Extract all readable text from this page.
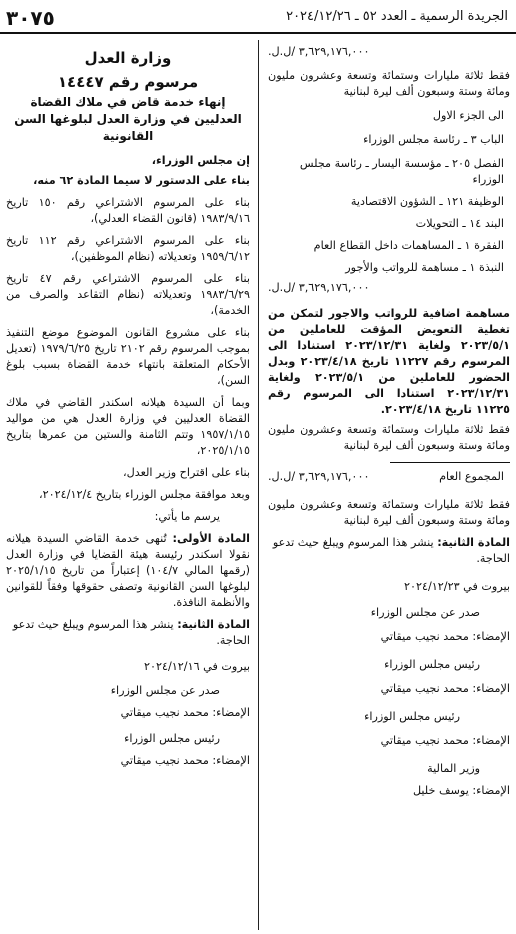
٣٠٧٥	الجريدة الرسمية ـ العدد ٥٢ ـ ٢٠٢٤/١٢/٢٦

٣,٦٢٩,١٧٦,٠٠٠ /ل.ل.

فقط ثلاثة مليارات وستمائة وتسعة وعشرون مليون ومائة وستة وسبعون ألف ليرة لبنانية

الى الجزء الاول

الباب ٣ ـ رئاسة مجلس الوزراء

الفصل ٢٠٥ ـ مؤسسة اليسار ـ رئاسة مجلس الوزراء

الوظيفة ١٢١ ـ الشؤون الاقتصادية

البند ١٤ ـ التحويلات

الفقرة ١ ـ المساهمات داخل القطاع العام

النبذة ١ ـ مساهمة للرواتب والأجور

٣,٦٢٩,١٧٦,٠٠٠ /ل.ل.

مساهمة اضافية للرواتب والاجور لتمكن من تغطية التعويض المؤقت للعاملين من ٢٠٢٣/٥/١ ولغاية ٢٠٢٣/١٢/٣١ استنادا الى المرسوم رقم ١١٢٢٧ تاريخ ٢٠٢٣/٤/١٨ وبدل الحضور للعاملين من ٢٠٢٣/٥/١ ولغاية ٢٠٢٣/١٢/٣١ استنادا الى المرسوم رقم ١١٢٢٥ تاريخ ٢٠٢٣/٤/١٨.

فقط ثلاثة مليارات وستمائة وتسعة وعشرون مليون ومائة وستة وسبعون ألف ليرة لبنانية

المجموع العام
٣,٦٢٩,١٧٦,٠٠٠ /ل.ل.

فقط ثلاثة مليارات وستمائة وتسعة وعشرون مليون ومائة وستة وسبعون ألف ليرة لبنانية

المادة الثانية: ينشر هذا المرسوم ويبلغ حيث تدعو الحاجة.

بيروت في ٢٠٢٤/١٢/٢٣

صدر عن مجلس الوزراء

الإمضاء: محمد نجيب ميقاتي

رئيس مجلس الوزراء

الإمضاء: محمد نجيب ميقاتي

رئيس مجلس الوزراء

الإمضاء: محمد نجيب ميقاتي

وزير المالية

الإمضاء: يوسف خليل

وزارة العدل

مرسوم رقم ١٤٤٤٧

إنهاء خدمة قاض في ملاك القضاة العدليين في وزارة العدل لبلوغها السن القانونية

إن مجلس الوزراء،

بناء على الدستور لا سيما المادة ٦٢ منه،

بناء على المرسوم الاشتراعي رقم ١٥٠ تاريخ ١٩٨٣/٩/١٦ (قانون القضاء العدلي)،

بناء على المرسوم الاشتراعي رقم ١١٢ تاريخ ١٩٥٩/٦/١٢ وتعديلاته (نظام الموظفين)،

بناء على المرسوم الاشتراعي رقم ٤٧ تاريخ ١٩٨٣/٦/٢٩ وتعديلاته (نظام التقاعد والصرف من الخدمة)،

بناء على مشروع القانون الموضوع موضع التنفيذ بموجب المرسوم رقم ٢١٠٢ تاريخ ١٩٧٩/٦/٢٥ (تعديل الأحكام المتعلقة بانتهاء خدمة القضاة بسبب بلوغ السن)،

وبما أن السيدة هيلانه اسكندر القاضي في ملاك القضاة العدليين في وزارة العدل هي من مواليد ١٩٥٧/١/١٥ وتتم الثامنة والستين من عمرها بتاريخ ٢٠٢٥/١/١٥،

بناء على اقتراح وزير العدل،

وبعد موافقة مجلس الوزراء بتاريخ ٢٠٢٤/١٢/٤،

يرسم ما يأتي:

المادة الأولى: تُنهى خدمة القاضي السيدة هيلانه نقولا اسكندر رئيسة هيئة القضايا في وزارة العدل (رقمها المالي ١٠٤/٧) إعتباراً من تاريخ ٢٠٢٥/١/١٥ لبلوغها السن القانونية وتصفى حقوقها وفقاً للقوانين والأنظمة النافذة.

المادة الثانية: ينشر هذا المرسوم ويبلغ حيث تدعو الحاجة.

بيروت في ٢٠٢٤/١٢/١٦

صدر عن مجلس الوزراء

الإمضاء: محمد نجيب ميقاتي

رئيس مجلس الوزراء

الإمضاء: محمد نجيب ميقاتي
